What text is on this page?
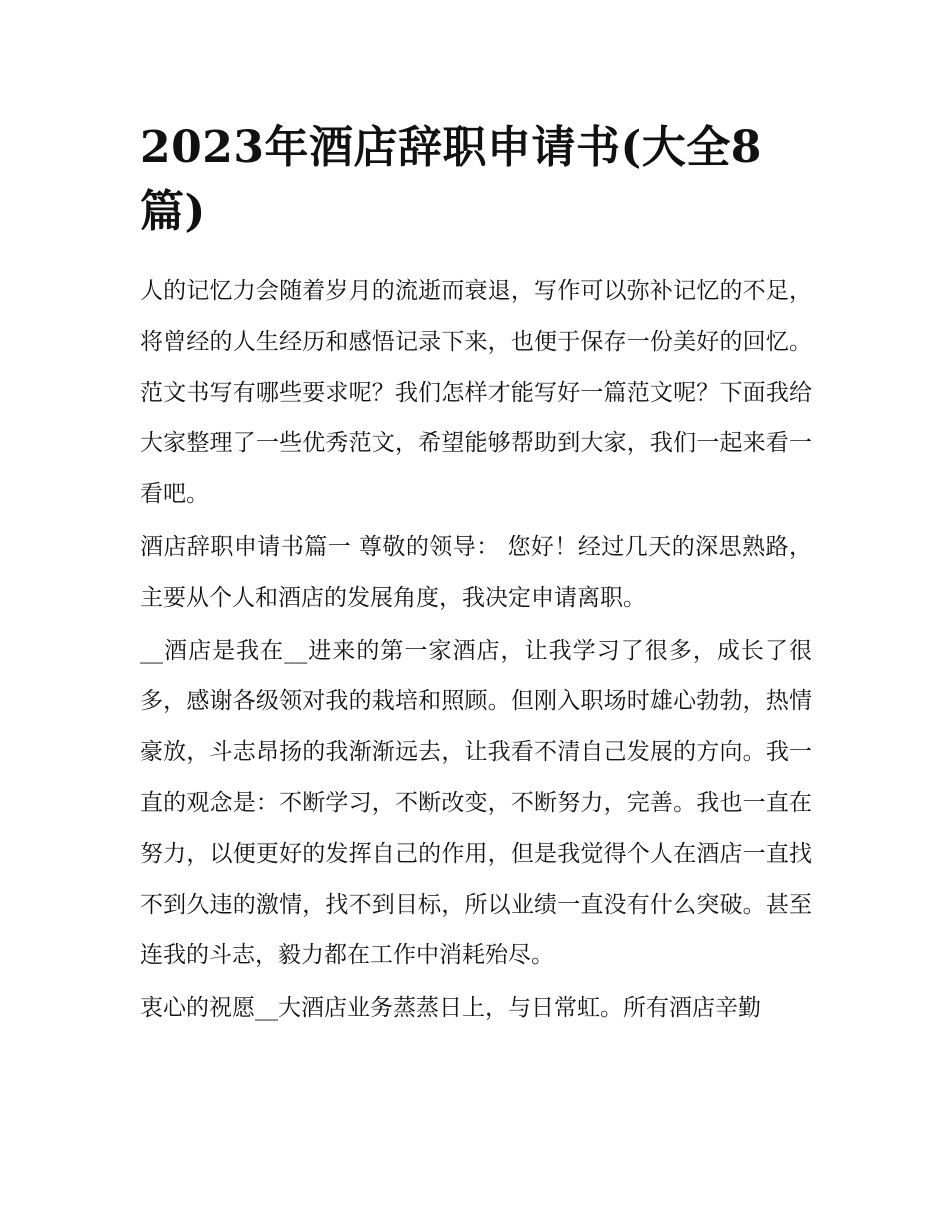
2023年酒店辞职申请书(大全8篇)

人的记忆力会随着岁月的流逝而衰退，写作可以弥补记忆的不足，将曾经的人生经历和感悟记录下来，也便于保存一份美好的回忆。范文书写有哪些要求呢？我们怎样才能写好一篇范文呢？下面我给大家整理了一些优秀范文，希望能够帮助到大家，我们一起来看一看吧。

酒店辞职申请书篇一 尊敬的领导： 您好！经过几天的深思熟路，主要从个人和酒店的发展角度，我决定申请离职。

__酒店是我在__进来的第一家酒店，让我学习了很多，成长了很多，感谢各级领对我的栽培和照顾。但刚入职场时雄心勃勃，热情豪放，斗志昂扬的我渐渐远去，让我看不清自己发展的方向。我一直的观念是：不断学习，不断改变，不断努力，完善。我也一直在努力，以便更好的发挥自己的作用，但是我觉得个人在酒店一直找不到久违的激情，找不到目标，所以业绩一直没有什么突破。甚至连我的斗志，毅力都在工作中消耗殆尽。

衷心的祝愿__大酒店业务蒸蒸日上，与日常虹。所有酒店辛勤
